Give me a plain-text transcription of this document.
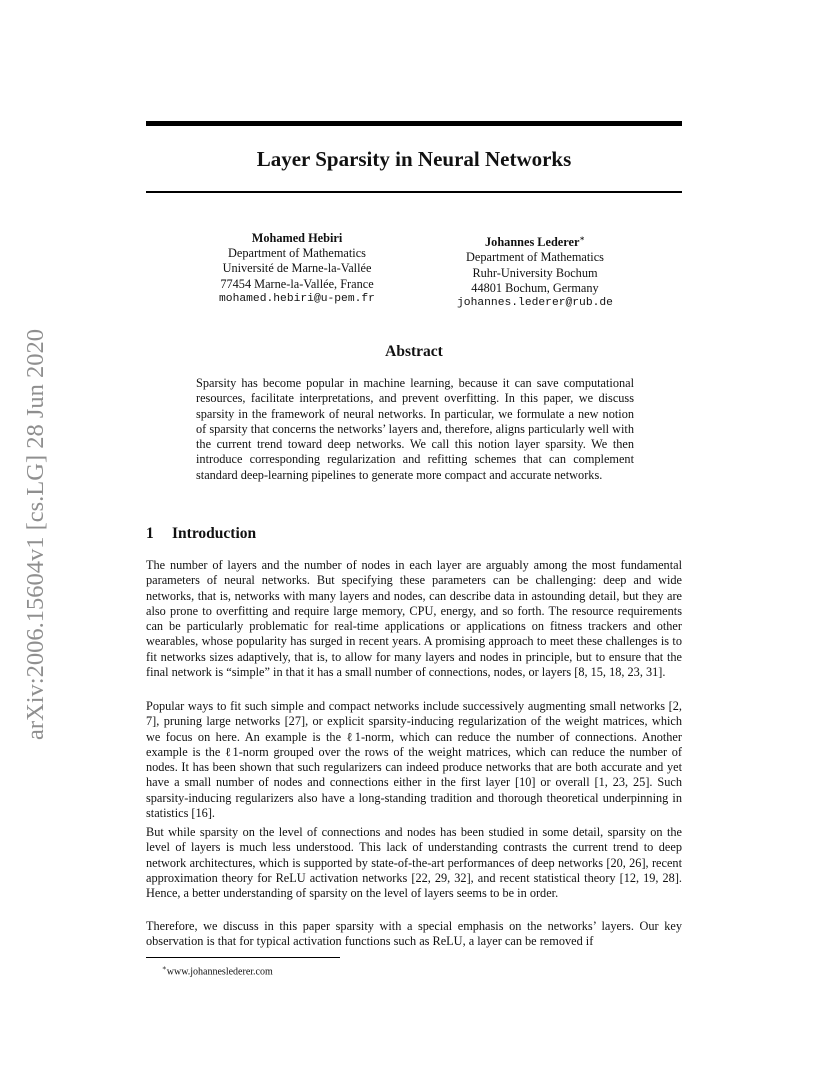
arXiv:2006.15604v1 [cs.LG] 28 Jun 2020
Layer Sparsity in Neural Networks
Mohamed Hebiri
Department of Mathematics
Université de Marne-la-Vallée
77454 Marne-la-Vallée, France
mohamed.hebiri@u-pem.fr
Johannes Lederer∗
Department of Mathematics
Ruhr-University Bochum
44801 Bochum, Germany
johannes.lederer@rub.de
Abstract
Sparsity has become popular in machine learning, because it can save computational resources, facilitate interpretations, and prevent overfitting. In this paper, we discuss sparsity in the framework of neural networks. In particular, we formulate a new notion of sparsity that concerns the networks’ layers and, therefore, aligns particularly well with the current trend toward deep networks. We call this notion layer sparsity. We then introduce corresponding regularization and refitting schemes that can complement standard deep-learning pipelines to generate more compact and accurate networks.
1 Introduction

The number of layers and the number of nodes in each layer are arguably among the most fundamental parameters of neural networks. But specifying these parameters can be challenging: deep and wide networks, that is, networks with many layers and nodes, can describe data in astounding detail, but they are also prone to overfitting and require large memory, CPU, energy, and so forth. The resource requirements can be particularly problematic for real-time applications or applications on fitness trackers and other wearables, whose popularity has surged in recent years. A promising approach to meet these challenges is to fit networks sizes adaptively, that is, to allow for many layers and nodes in principle, but to ensure that the final network is “simple” in that it has a small number of connections, nodes, or layers [8, 15, 18, 23, 31].

Popular ways to fit such simple and compact networks include successively augmenting small networks [2, 7], pruning large networks [27], or explicit sparsity-inducing regularization of the weight matrices, which we focus on here. An example is the ℓ1-norm, which can reduce the number of connections. Another example is the ℓ1-norm grouped over the rows of the weight matrices, which can reduce the number of nodes. It has been shown that such regularizers can indeed produce networks that are both accurate and yet have a small number of nodes and connections either in the first layer [10] or overall [1, 23, 25]. Such sparsity-inducing regularizers also have a long-standing tradition and thorough theoretical underpinning in statistics [16].

But while sparsity on the level of connections and nodes has been studied in some detail, sparsity on the level of layers is much less understood. This lack of understanding contrasts the current trend to deep network architectures, which is supported by state-of-the-art performances of deep networks [20, 26], recent approximation theory for ReLU activation networks [22, 29, 32], and recent statistical theory [12, 19, 28]. Hence, a better understanding of sparsity on the level of layers seems to be in order.

Therefore, we discuss in this paper sparsity with a special emphasis on the networks’ layers. Our key observation is that for typical activation functions such as ReLU, a layer can be removed if

∗www.johanneslederer.com
